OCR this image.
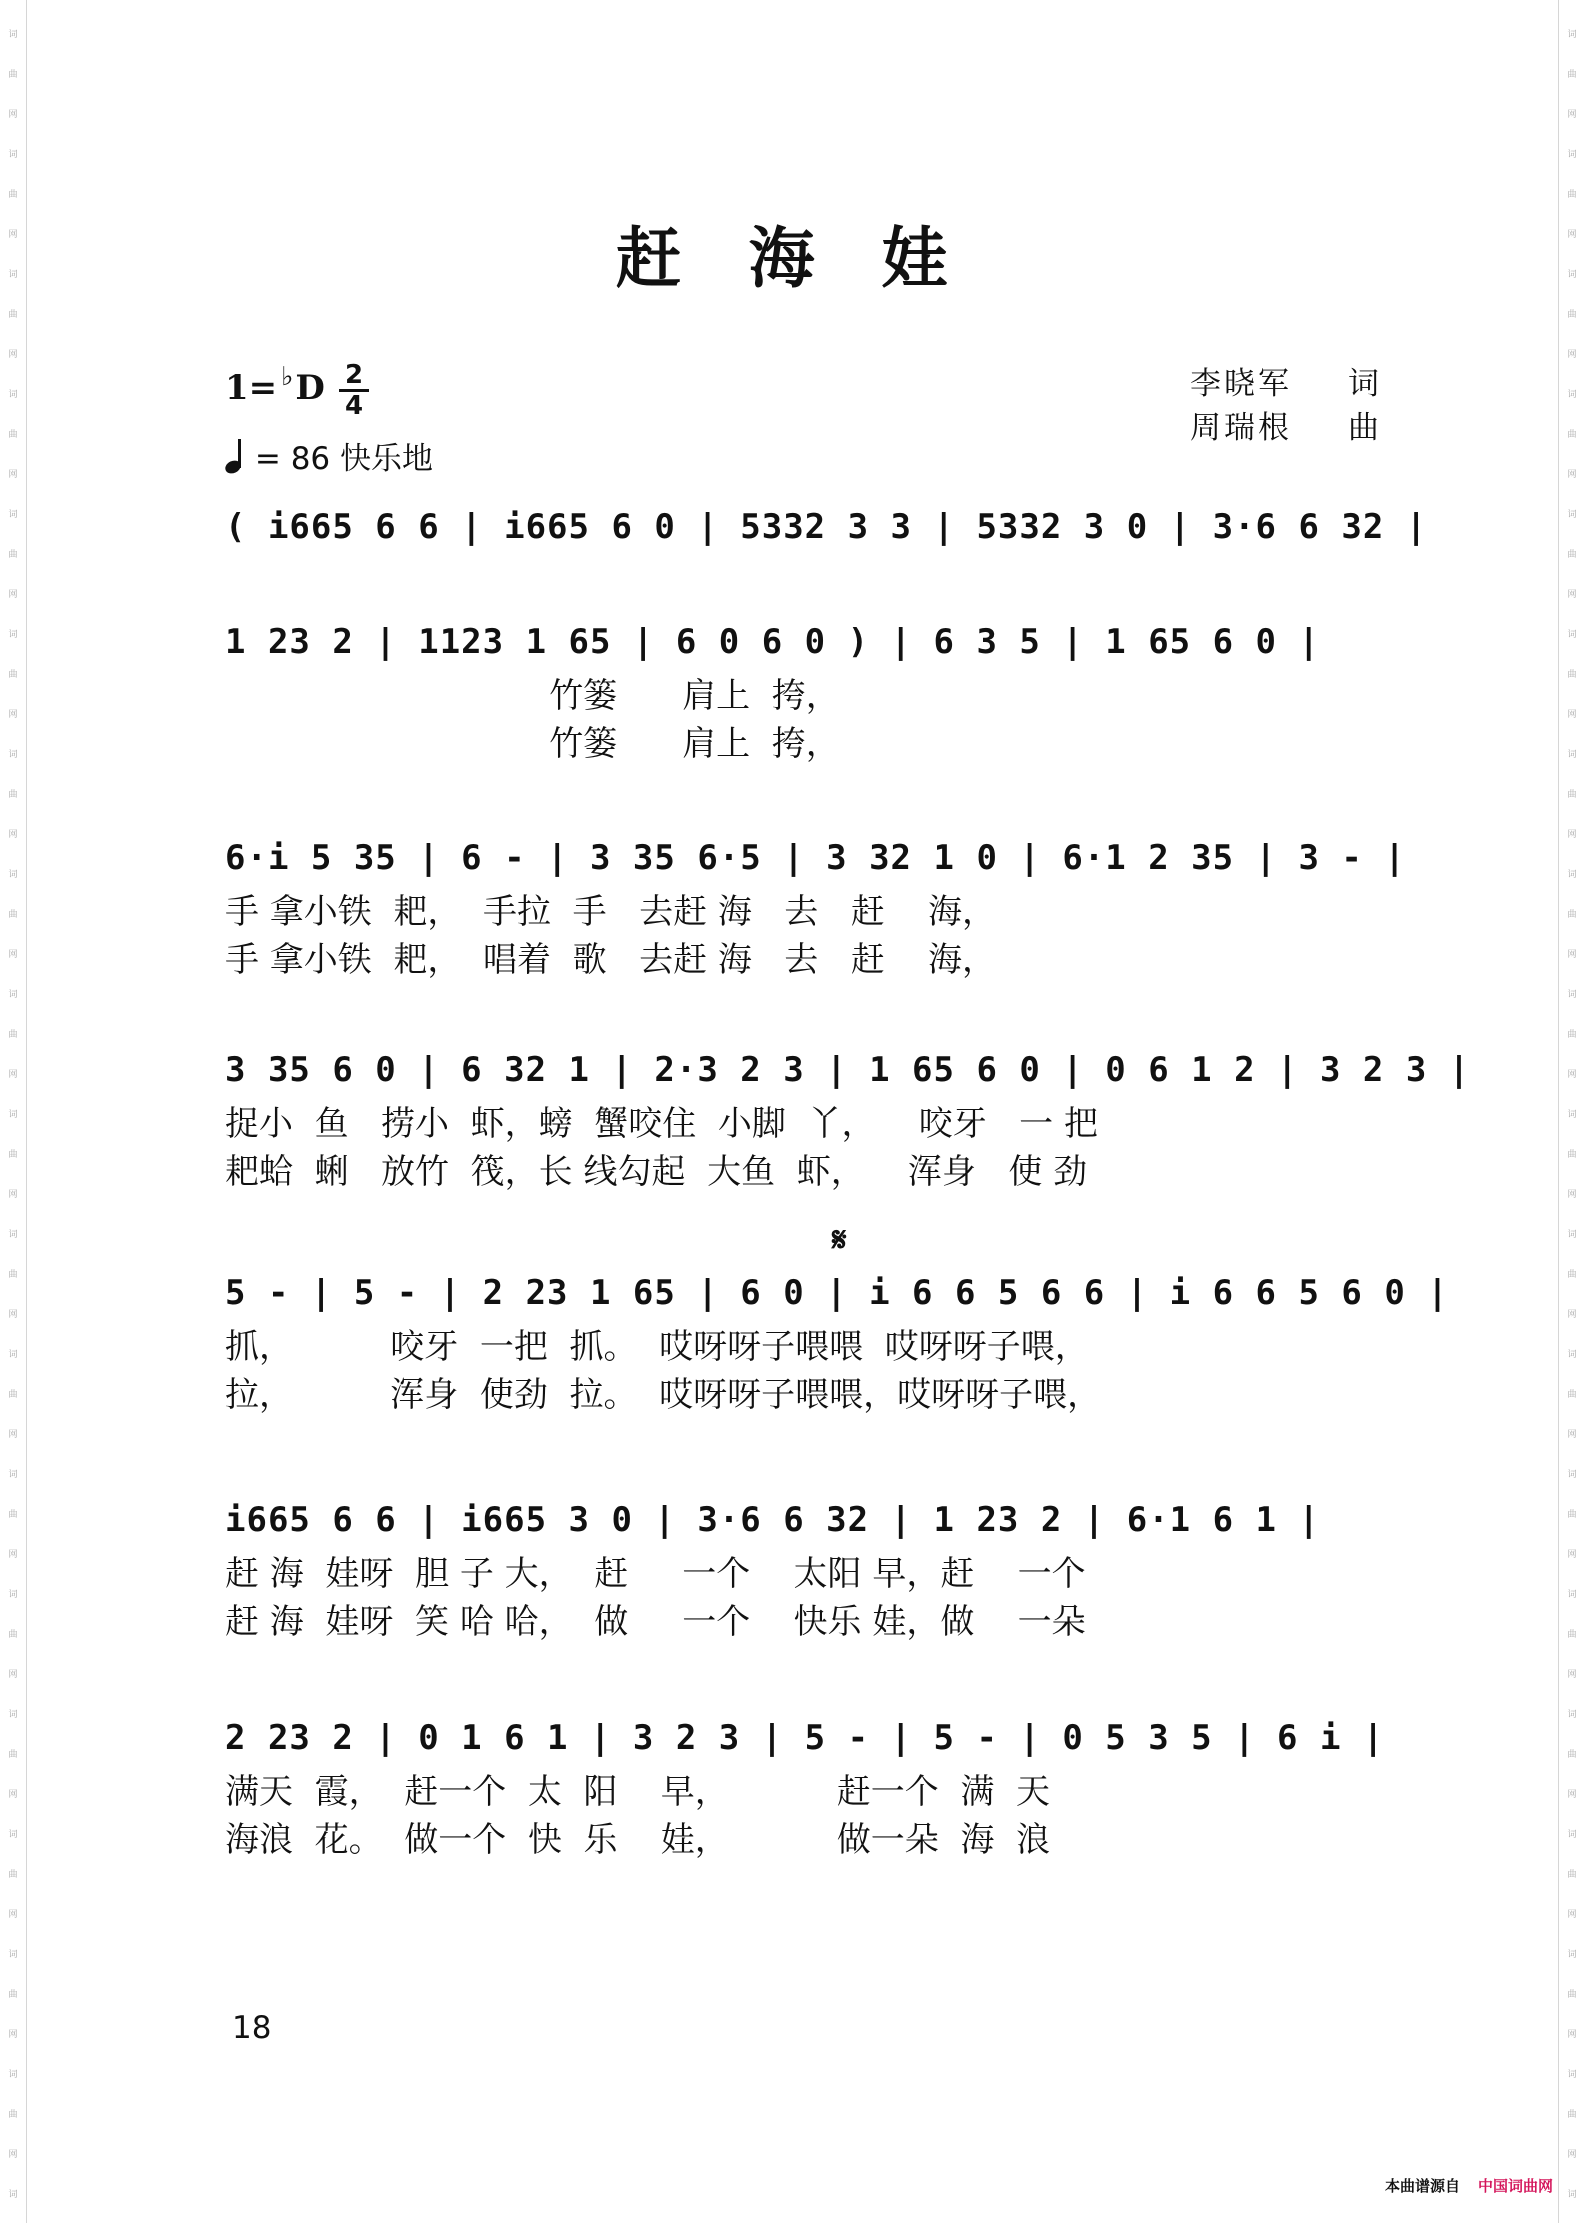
词
曲
网
词
曲
网
词
曲
网
词
曲
网
词
曲
网
词
曲
网
词
曲
网
词
曲
网
词
曲
网
词
曲
网
词
曲
网
词
曲
网
词
曲
网
词
曲
网
词
曲
网
词
曲
网
词
曲
网
词
曲
网
词
词
曲
网
词
曲
网
词
曲
网
词
曲
网
词
曲
网
词
曲
网
词
曲
网
词
曲
网
词
曲
网
词
曲
网
词
曲
网
词
曲
网
词
曲
网
词
曲
网
词
曲
网
词
曲
网
词
曲
网
词
曲
网
词
赶 海 娃
1= ♭D 2
4
= 86 快乐地
李晓军	词
周瑞根	曲
( i665 6 6 | i665 6 0 | 5332 3 3 | 5332 3 0 | 3·6 6 32 |
1 23 2 | 1123 1 65 | 6 0 6 0 ) | 6 3 5 | 1 65 6 0 |
竹篓      肩上  挎，
竹篓      肩上  挎，
6·i 5 35 | 6 - | 3 35 6·5 | 3 32 1 0 | 6·1 2 35 | 3 - |
手 拿小铁  耙，  手拉  手   去赶 海   去   赶    海，
手 拿小铁  耙，  唱着  歌   去赶 海   去   赶    海，
3 35 6 0 | 6 32 1 | 2·3 2 3 | 1 65 6 0 | 0 6 1 2 | 3 2 3 |
捉小  鱼   捞小  虾，螃  蟹咬住  小脚  丫，    咬牙   一 把
耙蛤  蜊   放竹  筏，长 线勾起  大鱼  虾，    浑身   使 劲
𝄋
5 - | 5 - | 2 23 1 65 | 6 0 | i 6 6 5 6 6 | i 6 6 5 6 0 |
抓，         咬牙  一把  抓。  哎呀呀子喂喂  哎呀呀子喂，
拉，         浑身  使劲  拉。  哎呀呀子喂喂，哎呀呀子喂，
i665 6 6 | i665 3 0 | 3·6 6 32 | 1 23 2 | 6·1 6 1 |
赶 海  娃呀  胆 子 大，  赶     一个    太阳 早，赶    一个
赶 海  娃呀  笑 哈 哈，  做     一个    快乐 娃，做    一朵
2 23 2 | 0 1 6 1 | 3 2 3 | 5 - | 5 - | 0 5 3 5 | 6 i |
满天  霞，  赶一个  太  阳    早，          赶一个  满  天
海浪  花。  做一个  快  乐    娃，          做一朵  海  浪
18
本曲谱源自 中国词曲网
